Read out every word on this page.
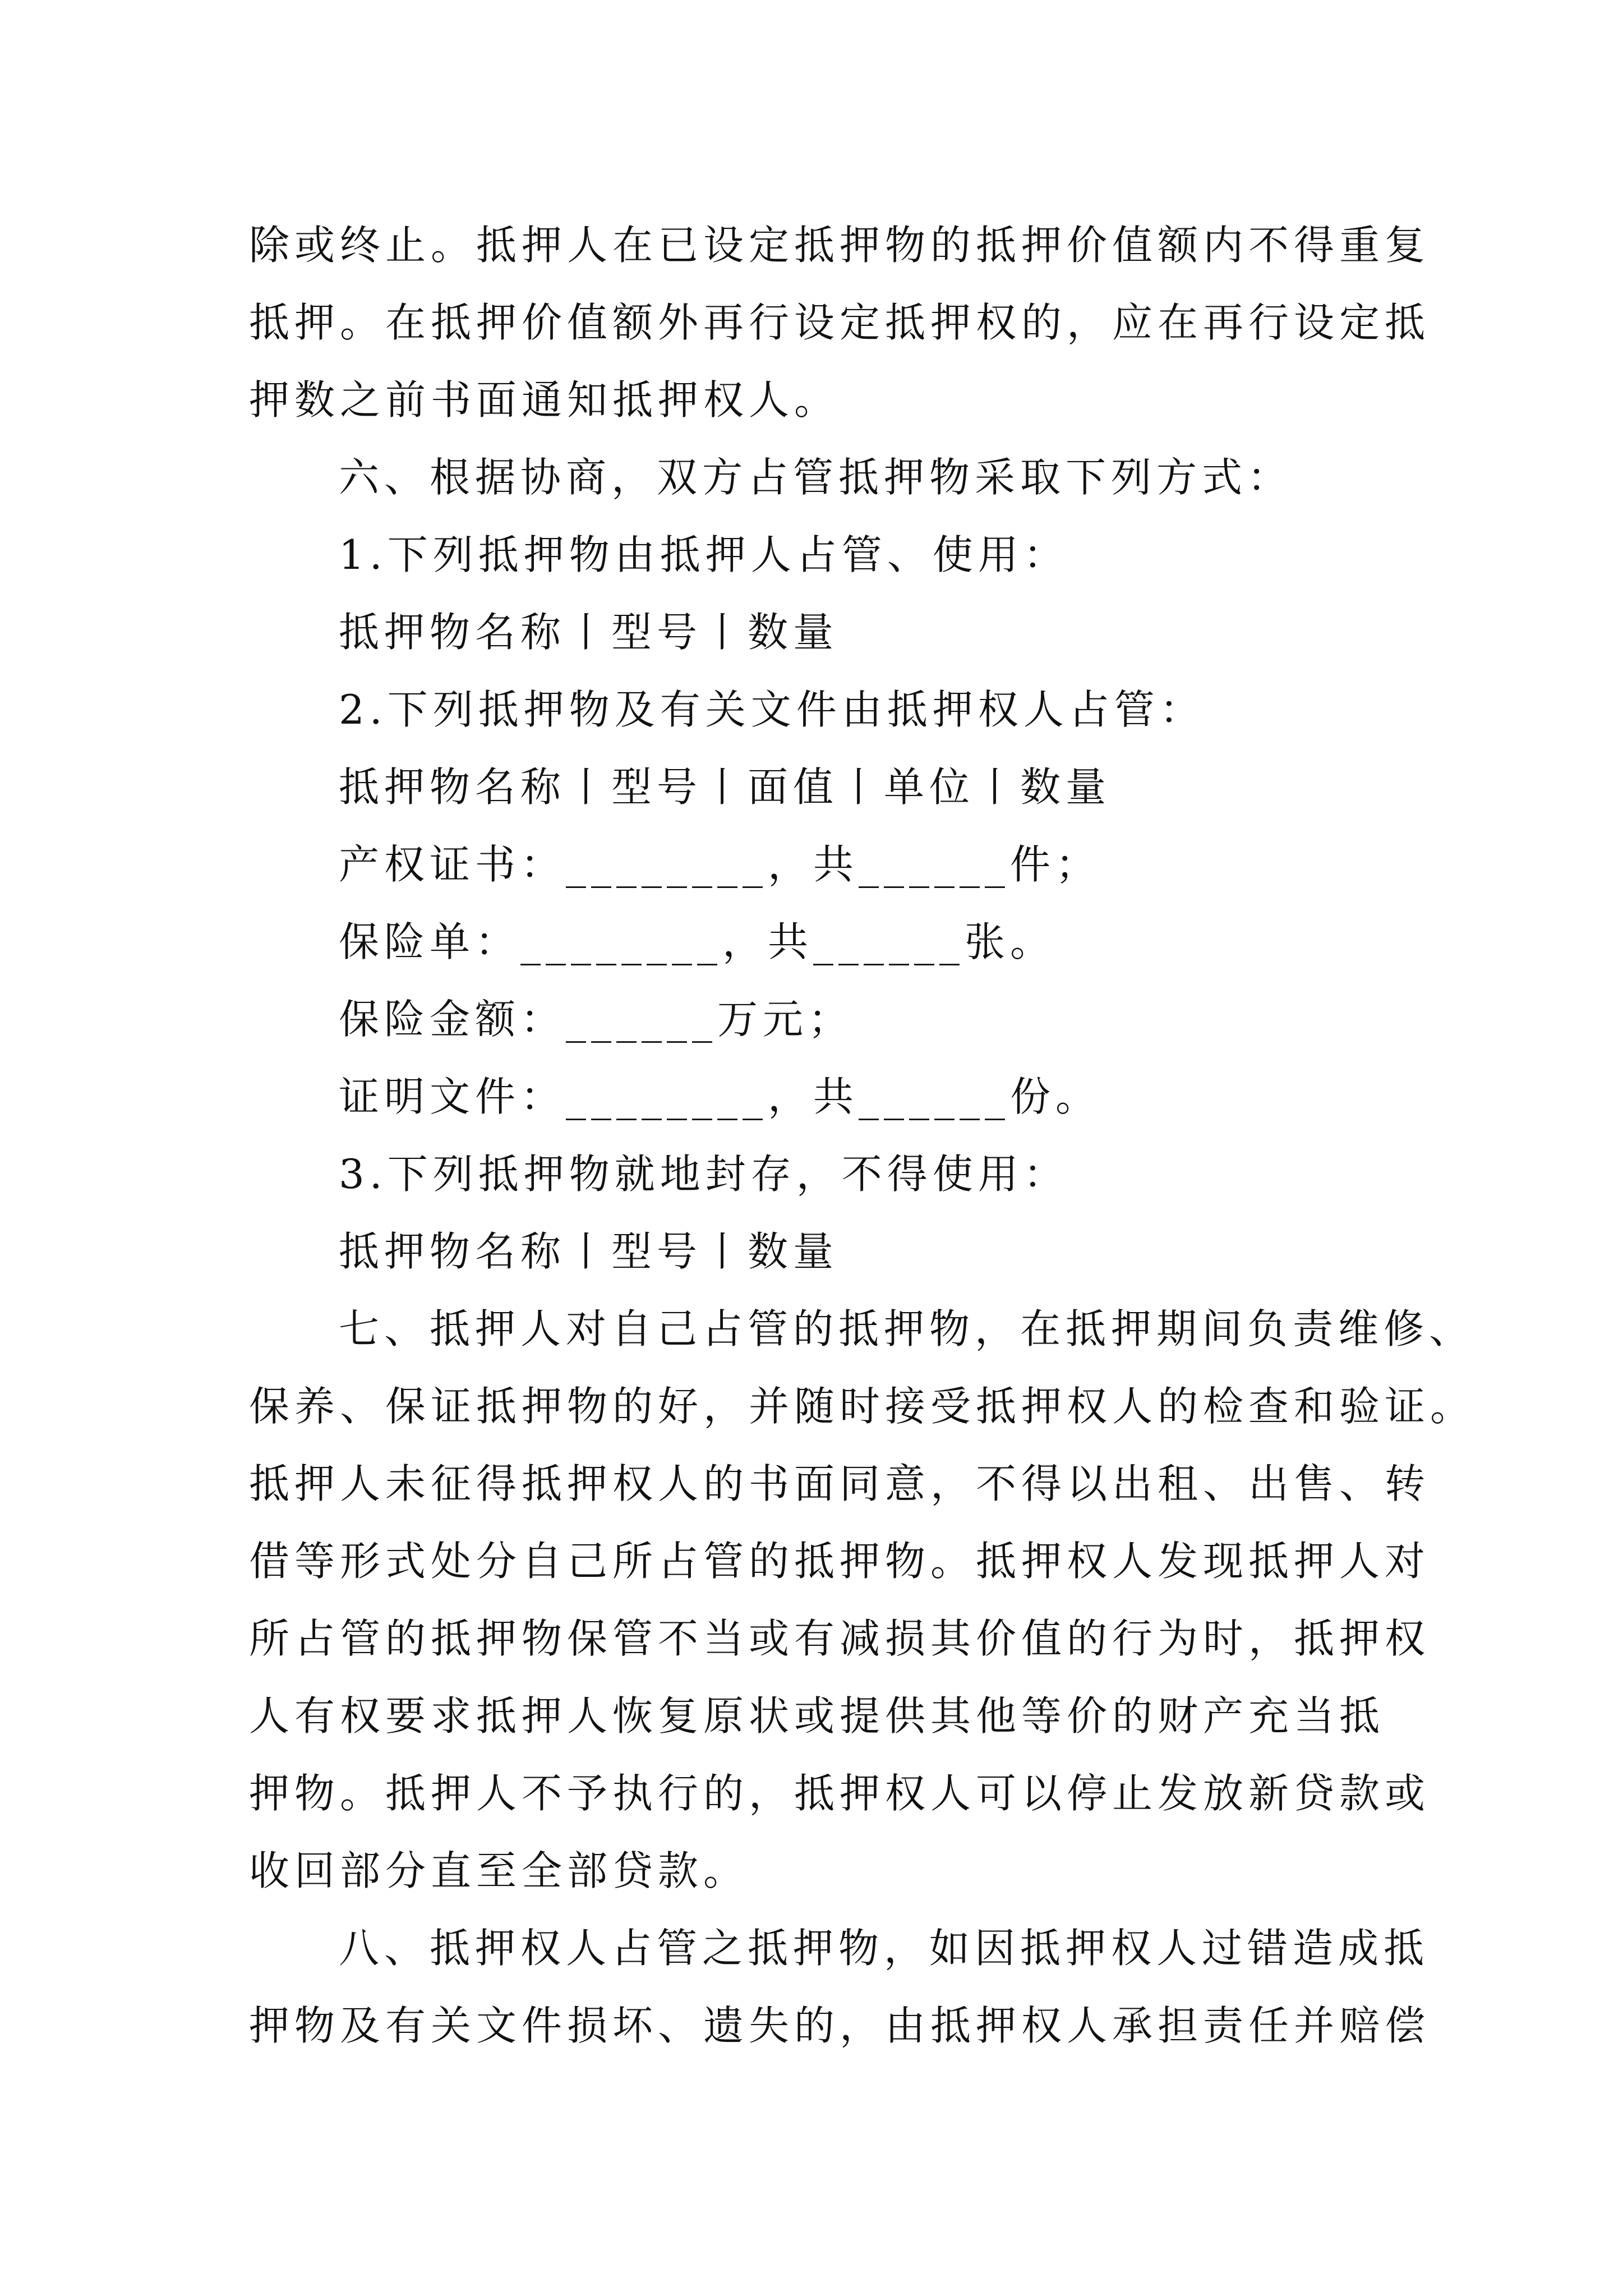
除或终止。抵押人在已设定抵押物的抵押价值额内不得重复
抵押。在抵押价值额外再行设定抵押权的，应在再行设定抵
押数之前书面通知抵押权人。
六、根据协商，双方占管抵押物采取下列方式：
1.下列抵押物由抵押人占管、使用：
抵押物名称丨型号丨数量
2.下列抵押物及有关文件由抵押权人占管：
抵押物名称丨型号丨面值丨单位丨数量
产权证书：________，共______件；
保险单：________，共______张。
保险金额：______万元；
证明文件：________，共______份。
3.下列抵押物就地封存，不得使用：
抵押物名称丨型号丨数量
七、抵押人对自己占管的抵押物，在抵押期间负责维修、
保养、保证抵押物的好，并随时接受抵押权人的检查和验证。
抵押人未征得抵押权人的书面同意，不得以出租、出售、转
借等形式处分自己所占管的抵押物。抵押权人发现抵押人对
所占管的抵押物保管不当或有减损其价值的行为时，抵押权
人有权要求抵押人恢复原状或提供其他等价的财产充当抵
押物。抵押人不予执行的，抵押权人可以停止发放新贷款或
收回部分直至全部贷款。
八、抵押权人占管之抵押物，如因抵押权人过错造成抵
押物及有关文件损坏、遗失的，由抵押权人承担责任并赔偿
